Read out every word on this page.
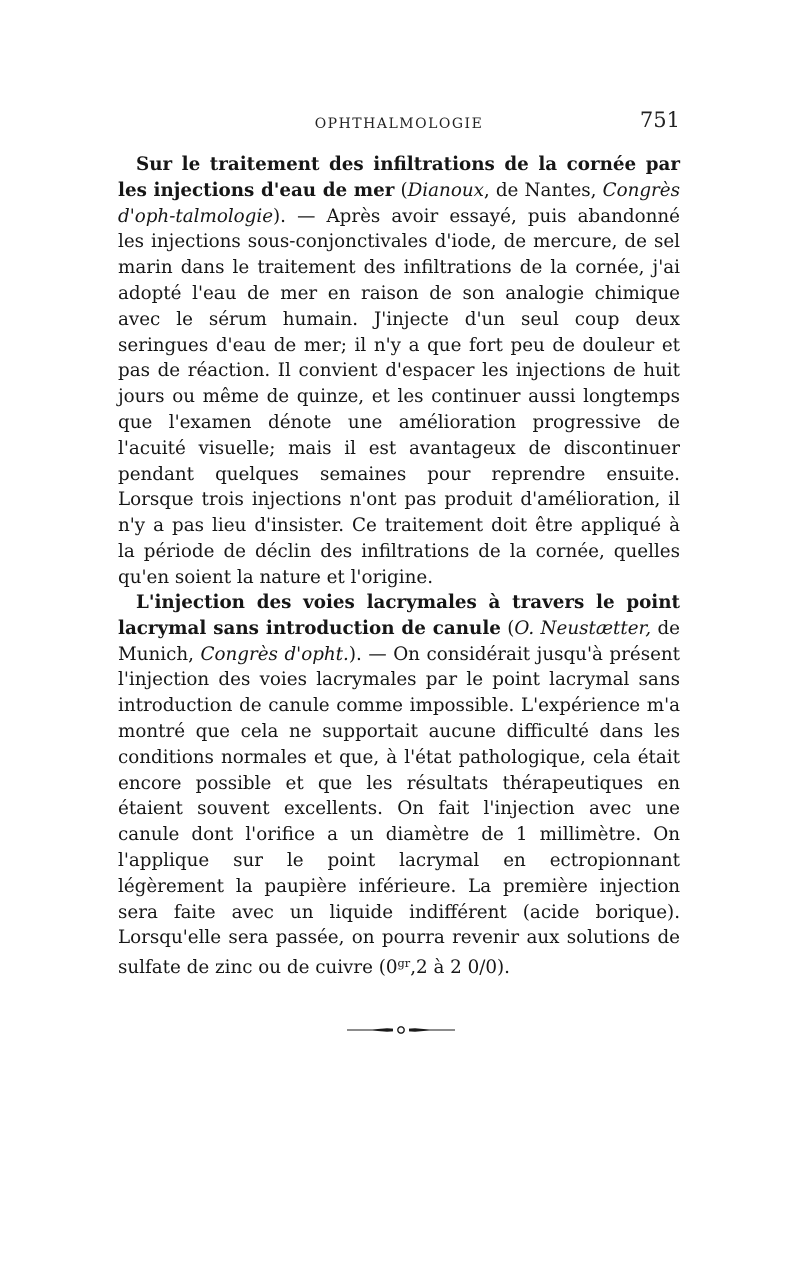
OPHTHALMOLOGIE	751

Sur le traitement des infiltrations de la cornée par les injections d'eau de mer (Dianoux, de Nantes, Congrès d'oph-talmologie). — Après avoir essayé, puis abandonné les injections sous-conjonctivales d'iode, de mercure, de sel marin dans le traitement des infiltrations de la cornée, j'ai adopté l'eau de mer en raison de son analogie chimique avec le sérum humain. J'injecte d'un seul coup deux seringues d'eau de mer; il n'y a que fort peu de douleur et pas de réaction. Il convient d'espacer les injections de huit jours ou même de quinze, et les continuer aussi longtemps que l'examen dénote une amélioration progressive de l'acuité visuelle; mais il est avantageux de discontinuer pendant quelques semaines pour reprendre ensuite. Lorsque trois injections n'ont pas produit d'amélioration, il n'y a pas lieu d'insister. Ce traitement doit être appliqué à la période de déclin des infiltrations de la cornée, quelles qu'en soient la nature et l'origine.

L'injection des voies lacrymales à travers le point lacrymal sans introduction de canule (O. Neustætter, de Munich, Congrès d'opht.). — On considérait jusqu'à présent l'injection des voies lacrymales par le point lacrymal sans introduction de canule comme impossible. L'expérience m'a montré que cela ne supportait aucune difficulté dans les conditions normales et que, à l'état pathologique, cela était encore possible et que les résultats thérapeutiques en étaient souvent excellents. On fait l'injection avec une canule dont l'orifice a un diamètre de 1 millimètre. On l'applique sur le point lacrymal en ectropionnant légèrement la paupière inférieure. La première injection sera faite avec un liquide indifférent (acide borique). Lorsqu'elle sera passée, on pourra revenir aux solutions de sulfate de zinc ou de cuivre ($0^{gr},2$ à 2 0/0).
